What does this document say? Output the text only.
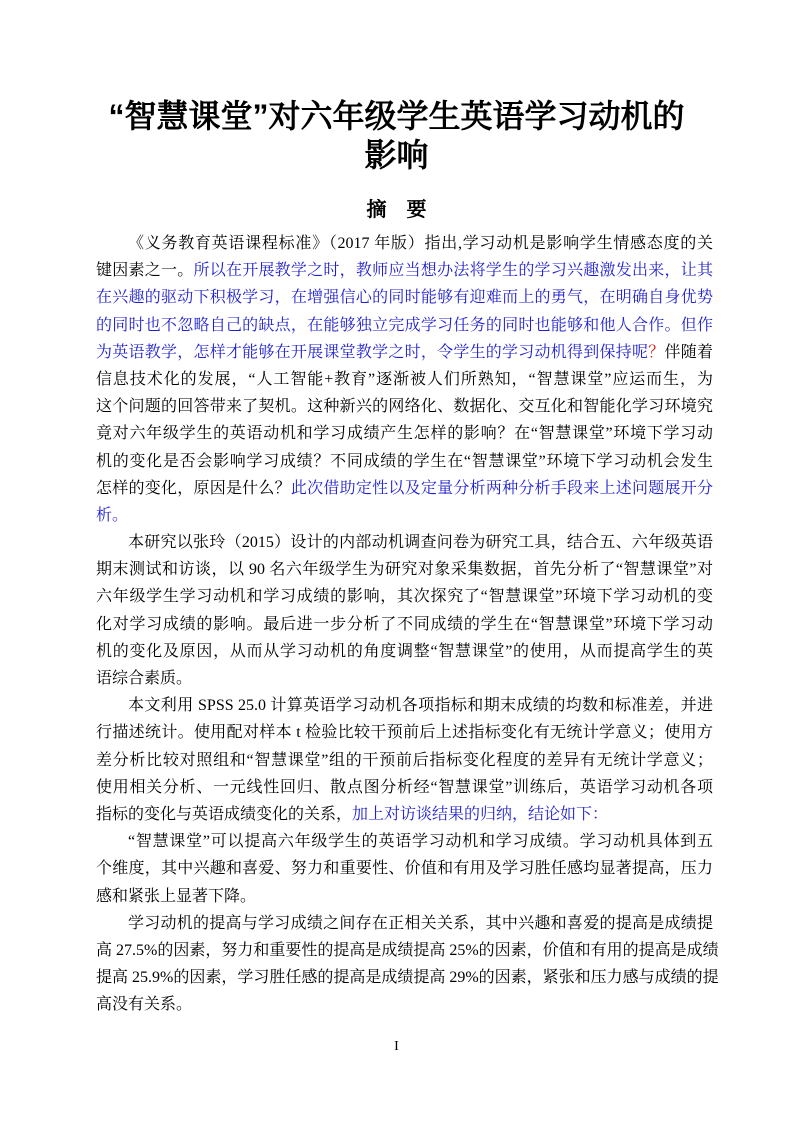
“智慧课堂”对六年级学生英语学习动机的
影响
摘　要
《义务教育英语课程标准》（2017 年版）指出,学习动机是影响学生情感态度的关
键因素之一。所以在开展教学之时，教师应当想办法将学生的学习兴趣激发出来，让其
在兴趣的驱动下积极学习，在增强信心的同时能够有迎难而上的勇气，在明确自身优势
的同时也不忽略自己的缺点，在能够独立完成学习任务的同时也能够和他人合作。但作
为英语教学，怎样才能够在开展课堂教学之时，令学生的学习动机得到保持呢？伴随着
信息技术化的发展，“人工智能+教育”逐渐被人们所熟知，“智慧课堂”应运而生，为
这个问题的回答带来了契机。这种新兴的网络化、数据化、交互化和智能化学习环境究
竟对六年级学生的英语动机和学习成绩产生怎样的影响？在“智慧课堂”环境下学习动
机的变化是否会影响学习成绩？不同成绩的学生在“智慧课堂”环境下学习动机会发生
怎样的变化，原因是什么？此次借助定性以及定量分析两种分析手段来上述问题展开分
析。
本研究以张玲（2015）设计的内部动机调查问卷为研究工具，结合五、六年级英语
期末测试和访谈，以 90 名六年级学生为研究对象采集数据，首先分析了“智慧课堂”对
六年级学生学习动机和学习成绩的影响，其次探究了“智慧课堂”环境下学习动机的变
化对学习成绩的影响。最后进一步分析了不同成绩的学生在“智慧课堂”环境下学习动
机的变化及原因，从而从学习动机的角度调整“智慧课堂”的使用，从而提高学生的英
语综合素质。
本文利用 SPSS 25.0 计算英语学习动机各项指标和期末成绩的均数和标准差，并进
行描述统计。使用配对样本 t 检验比较干预前后上述指标变化有无统计学意义；使用方
差分析比较对照组和“智慧课堂”组的干预前后指标变化程度的差异有无统计学意义；
使用相关分析、一元线性回归、散点图分析经“智慧课堂”训练后，英语学习动机各项
指标的变化与英语成绩变化的关系，加上对访谈结果的归纳，结论如下：
“智慧课堂”可以提高六年级学生的英语学习动机和学习成绩。学习动机具体到五
个维度，其中兴趣和喜爱、努力和重要性、价值和有用及学习胜任感均显著提高，压力
感和紧张上显著下降。
学习动机的提高与学习成绩之间存在正相关关系，其中兴趣和喜爱的提高是成绩提
高 27.5%的因素，努力和重要性的提高是成绩提高 25%的因素，价值和有用的提高是成绩
提高 25.9%的因素，学习胜任感的提高是成绩提高 29%的因素，紧张和压力感与成绩的提
高没有关系。
I
